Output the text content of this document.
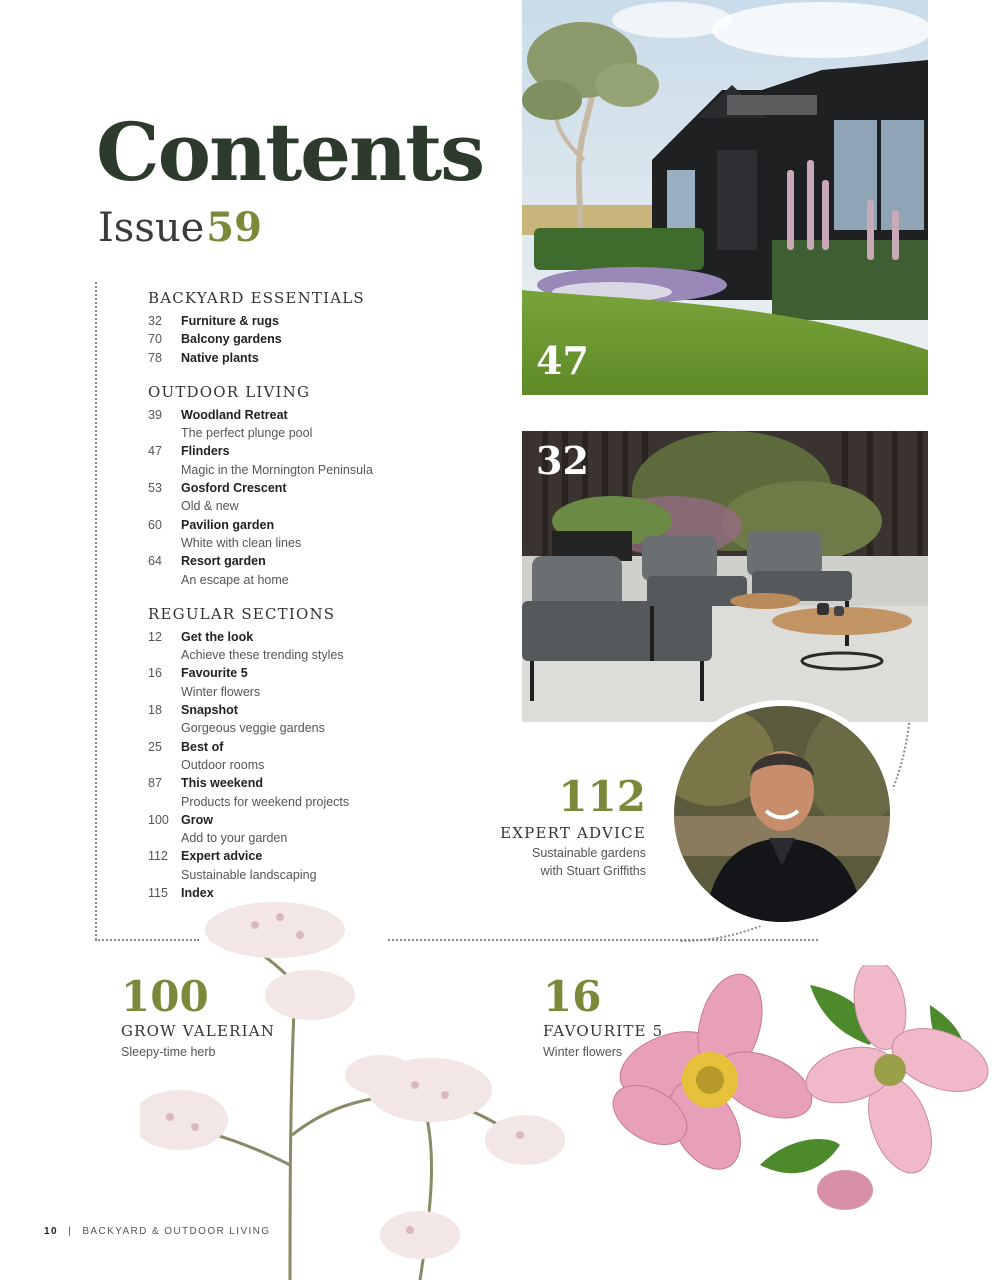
Contents
Issue59
BACKYARD ESSENTIALS
32	Furniture & rugs
70	Balcony gardens
78	Native plants
OUTDOOR LIVING
39	Woodland Retreat
The perfect plunge pool
47	Flinders
Magic in the Mornington Peninsula
53	Gosford Crescent
Old & new
60	Pavilion garden
White with clean lines
64	Resort garden
An escape at home
REGULAR SECTIONS
12	Get the look
Achieve these trending styles
16	Favourite 5
Winter flowers
18	Snapshot
Gorgeous veggie gardens
25	Best of
Outdoor rooms
87	This weekend
Products for weekend projects
100 Grow
Add to your garden
112	Expert advice
Sustainable landscaping
115	Index
47
32
112
EXPERT ADVICE
Sustainable gardens
with Stuart Griffiths
100
GROW VALERIAN
Sleepy-time herb
16
FAVOURITE 5
Winter flowers
10 | BACKYARD & OUTDOOR LIVING
